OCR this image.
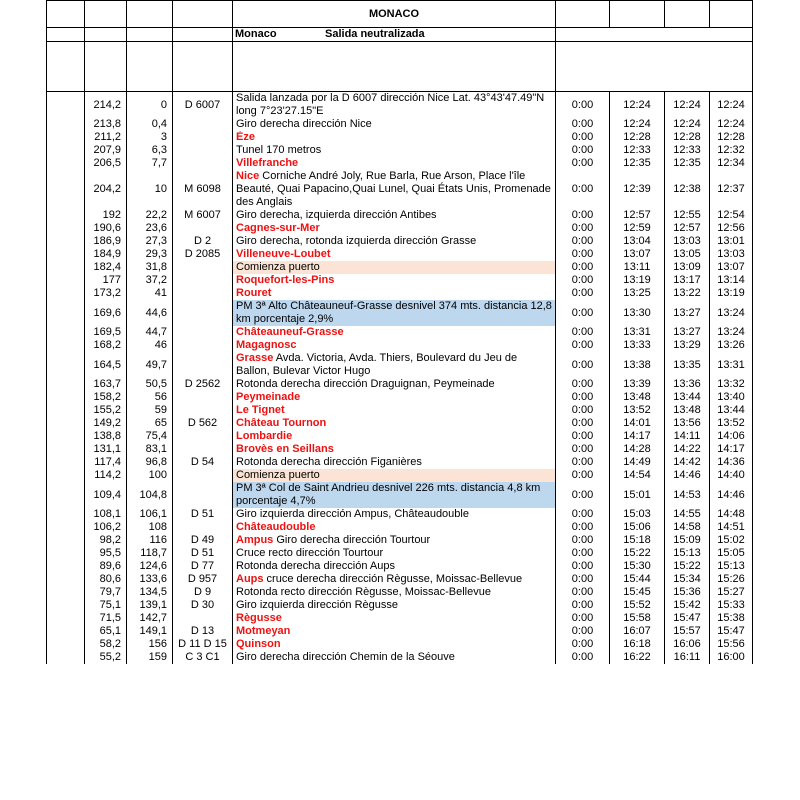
				MONACO				
				Monaco Salida neutralizada				

	214,2	0	D 6007	Salida lanzada por la D 6007 dirección Nice Lat. 43°43'47.49"N long 7°23'27.15"E	0:00	12:24	12:24	12:24
	213,8	0,4		Giro derecha dirección Nice	0:00	12:24	12:24	12:24
	211,2	3		Èze	0:00	12:28	12:28	12:28
	207,9	6,3		Tunel 170 metros	0:00	12:33	12:33	12:32
	206,5	7,7		Villefranche	0:00	12:35	12:35	12:34
	204,2	10	M 6098	Nice Corniche André Joly, Rue Barla, Rue Arson, Place l'île Beauté, Quai Papacino,Quai Lunel, Quai États Unis, Promenade des Anglais	0:00	12:39	12:38	12:37
	192	22,2	M 6007	Giro derecha, izquierda dirección Antibes	0:00	12:57	12:55	12:54
	190,6	23,6		Cagnes-sur-Mer	0:00	12:59	12:57	12:56
	186,9	27,3	D 2	Giro derecha, rotonda izquierda dirección Grasse	0:00	13:04	13:03	13:01
	184,9	29,3	D 2085	Villeneuve-Loubet	0:00	13:07	13:05	13:03
	182,4	31,8		Comienza puerto	0:00	13:11	13:09	13:07
	177	37,2		Roquefort-les-Pins	0:00	13:19	13:17	13:14
	173,2	41		Rouret	0:00	13:25	13:22	13:19
	169,6	44,6		PM 3ª Alto Châteauneuf-Grasse desnivel 374 mts. distancia 12,8 km porcentaje 2,9%	0:00	13:30	13:27	13:24
	169,5	44,7		Châteauneuf-Grasse	0:00	13:31	13:27	13:24
	168,2	46		Magagnosc	0:00	13:33	13:29	13:26
	164,5	49,7		Grasse Avda. Victoria, Avda. Thiers, Boulevard du Jeu de Ballon, Bulevar Victor Hugo	0:00	13:38	13:35	13:31
	163,7	50,5	D 2562	Rotonda derecha dirección Draguignan, Peymeinade	0:00	13:39	13:36	13:32
	158,2	56		Peymeinade	0:00	13:48	13:44	13:40
	155,2	59		Le Tignet	0:00	13:52	13:48	13:44
	149,2	65	D 562	Château Tournon	0:00	14:01	13:56	13:52
	138,8	75,4		Lombardie	0:00	14:17	14:11	14:06
	131,1	83,1		Brovès en Seillans	0:00	14:28	14:22	14:17
	117,4	96,8	D 54	Rotonda derecha dirección Figanières	0:00	14:49	14:42	14:36
	114,2	100		Comienza puerto	0:00	14:54	14:46	14:40
	109,4	104,8		PM 3ª Col de Saint Andrieu desnivel 226 mts. distancia 4,8 km porcentaje 4,7%	0:00	15:01	14:53	14:46
	108,1	106,1	D 51	Giro izquierda dirección Ampus, Châteaudouble	0:00	15:03	14:55	14:48
	106,2	108		Châteaudouble	0:00	15:06	14:58	14:51
	98,2	116	D 49	Ampus Giro derecha dirección Tourtour	0:00	15:18	15:09	15:02
	95,5	118,7	D 51	Cruce recto dirección Tourtour	0:00	15:22	15:13	15:05
	89,6	124,6	D 77	Rotonda derecha dirección Aups	0:00	15:30	15:22	15:13
	80,6	133,6	D 957	Aups cruce derecha dirección Règusse, Moissac-Bellevue	0:00	15:44	15:34	15:26
	79,7	134,5	D 9	Rotonda recto dirección Règusse, Moissac-Bellevue	0:00	15:45	15:36	15:27
	75,1	139,1	D 30	Giro izquierda dirección Règusse	0:00	15:52	15:42	15:33
	71,5	142,7		Règusse	0:00	15:58	15:47	15:38
	65,1	149,1	D 13	Motmeyan	0:00	16:07	15:57	15:47
	58,2	156	D 11 D 15	Quinson	0:00	16:18	16:06	15:56
	55,2	159	C 3 C1	Giro derecha dirección Chemin de la Séouve	0:00	16:22	16:11	16:00
